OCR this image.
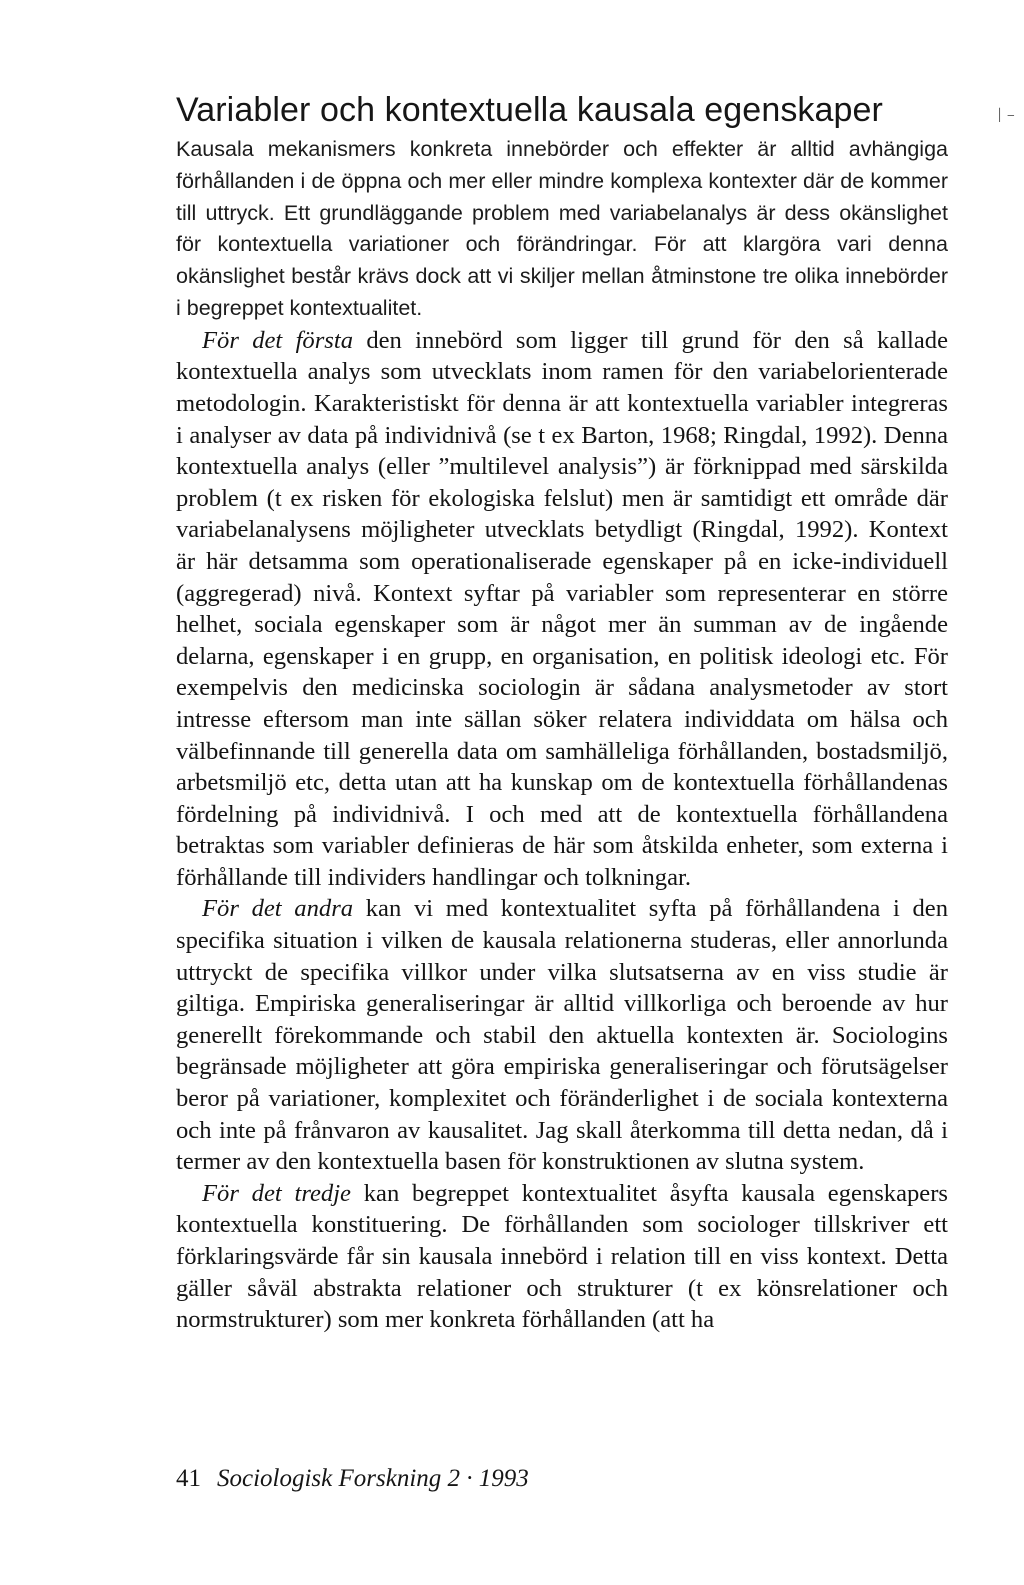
Variabler och kontextuella kausala egenskaper

Kausala mekanismers konkreta innebörder och effekter är alltid avhängiga förhållanden i de öppna och mer eller mindre komplexa kontexter där de kommer till uttryck. Ett grundläggande problem med variabelanalys är dess okänslighet för kontextuella variationer och förändringar. För att klargöra vari denna okänslighet består krävs dock att vi skiljer mellan åtminstone tre olika innebörder i begreppet kontextualitet.

För det första den innebörd som ligger till grund för den så kallade kontextuella analys som utvecklats inom ramen för den variabelorienterade metodologin. Karakteristiskt för denna är att kontextuella variabler integreras i analyser av data på individnivå (se t ex Barton, 1968; Ringdal, 1992). Denna kontextuella analys (eller ”multilevel analysis”) är förknippad med särskilda problem (t ex risken för ekologiska felslut) men är samtidigt ett område där variabelanalysens möjligheter utvecklats betydligt (Ringdal, 1992). Kontext är här detsamma som operationaliserade egenskaper på en icke-individuell (aggregerad) nivå. Kontext syftar på variabler som representerar en större helhet, sociala egenskaper som är något mer än summan av de ingående delarna, egenskaper i en grupp, en organisation, en politisk ideologi etc. För exempelvis den medicinska sociologin är sådana analysmetoder av stort intresse eftersom man inte sällan söker relatera individdata om hälsa och välbefinnande till generella data om samhälleliga förhållanden, bostadsmiljö, arbetsmiljö etc, detta utan att ha kunskap om de kontextuella förhållandenas fördelning på individnivå. I och med att de kontextuella förhållandena betraktas som variabler definieras de här som åtskilda enheter, som externa i förhållande till individers handlingar och tolkningar.

För det andra kan vi med kontextualitet syfta på förhållandena i den specifika situation i vilken de kausala relationerna studeras, eller annorlunda uttryckt de specifika villkor under vilka slutsatserna av en viss studie är giltiga. Empiriska generaliseringar är alltid villkorliga och beroende av hur generellt förekommande och stabil den aktuella kontexten är. Sociologins begränsade möjligheter att göra empiriska generaliseringar och förutsägelser beror på variationer, komplexitet och föränderlighet i de sociala kontexterna och inte på frånvaron av kausalitet. Jag skall återkomma till detta nedan, då i termer av den kontextuella basen för konstruktionen av slutna system.

För det tredje kan begreppet kontextualitet åsyfta kausala egenskapers kontextuella konstituering. De förhållanden som sociologer tillskriver ett förklaringsvärde får sin kausala innebörd i relation till en viss kontext. Detta gäller såväl abstrakta relationer och strukturer (t ex könsrelationer och normstrukturer) som mer konkreta förhållanden (att ha

│ ‒
41 Sociologisk Forskning 2 · 1993
